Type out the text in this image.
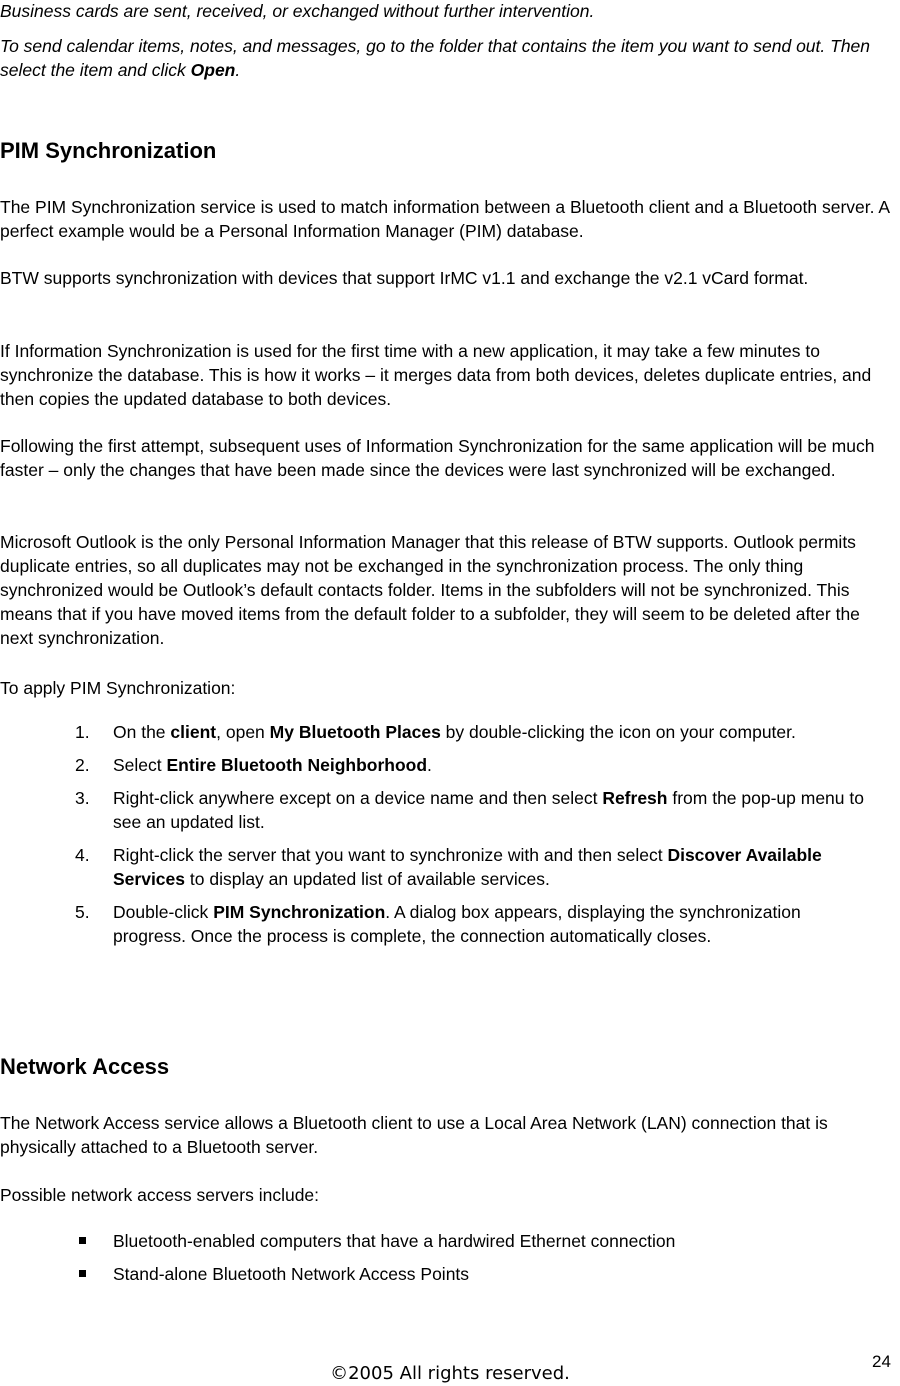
Business cards are sent, received, or exchanged without further intervention.

To send calendar items, notes, and messages, go to the folder that contains the item you want to send out. Then select the item and click Open.

PIM Synchronization

The PIM Synchronization service is used to match information between a Bluetooth client and a Bluetooth server. A perfect example would be a Personal Information Manager (PIM) database.

BTW supports synchronization with devices that support IrMC v1.1 and exchange the v2.1 vCard format.

If Information Synchronization is used for the first time with a new application, it may take a few minutes to synchronize the database. This is how it works – it merges data from both devices, deletes duplicate entries, and then copies the updated database to both devices.

Following the first attempt, subsequent uses of Information Synchronization for the same application will be much faster – only the changes that have been made since the devices were last synchronized will be exchanged.

Microsoft Outlook is the only Personal Information Manager that this release of BTW supports. Outlook permits duplicate entries, so all duplicates may not be exchanged in the synchronization process. The only thing synchronized would be Outlook’s default contacts folder. Items in the subfolders will not be synchronized. This means that if you have moved items from the default folder to a subfolder, they will seem to be deleted after the next synchronization.

To apply PIM Synchronization:

1. On the client, open My Bluetooth Places by double-clicking the icon on your computer.
2. Select Entire Bluetooth Neighborhood.
3. Right-click anywhere except on a device name and then select Refresh from the pop-up menu to see an updated list.
4. Right-click the server that you want to synchronize with and then select Discover Available Services to display an updated list of available services.
5. Double-click PIM Synchronization. A dialog box appears, displaying the synchronization progress. Once the process is complete, the connection automatically closes.
Network Access

The Network Access service allows a Bluetooth client to use a Local Area Network (LAN) connection that is physically attached to a Bluetooth server.

Possible network access servers include:

Bluetooth-enabled computers that have a hardwired Ethernet connection
Stand-alone Bluetooth Network Access Points
24
©2005 All rights reserved.
